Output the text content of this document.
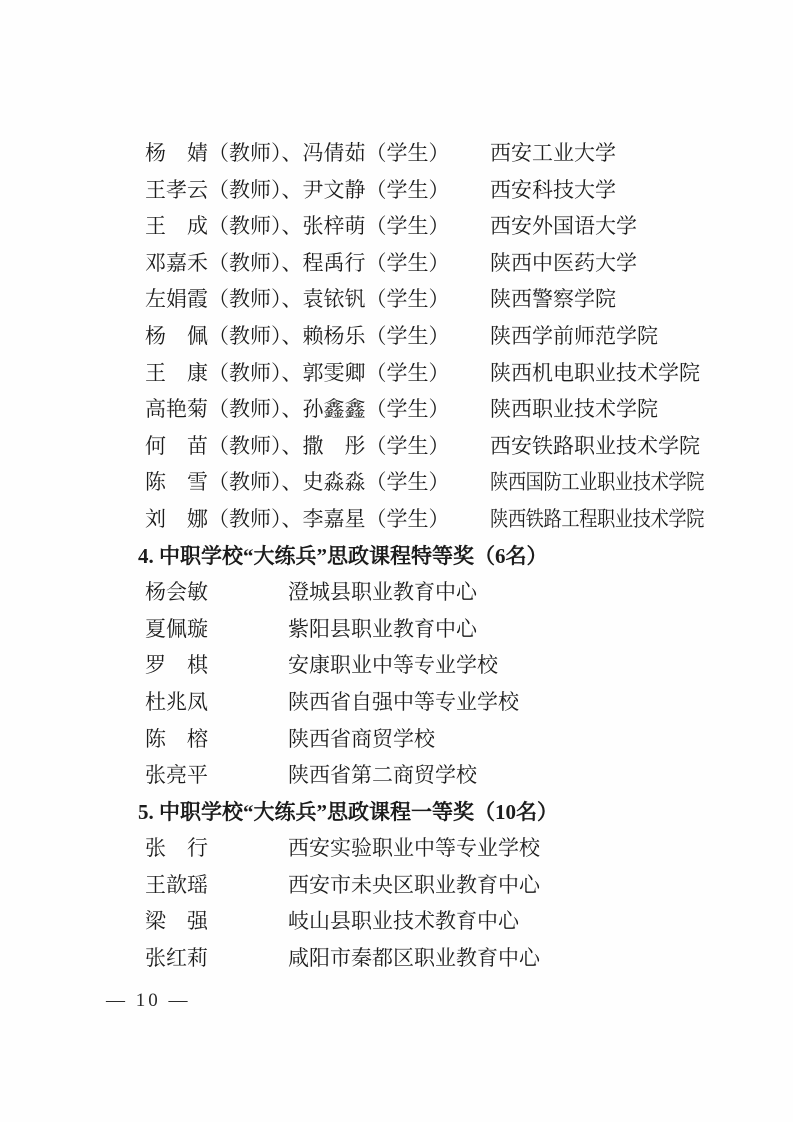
杨　婧（教师）、冯倩茹（学生）	西安工业大学
王孝云（教师）、尹文静（学生）	西安科技大学
王　成（教师）、张梓萌（学生）	西安外国语大学
邓嘉禾（教师）、程禹行（学生）	陕西中医药大学
左娟霞（教师）、袁铱钒（学生）	陕西警察学院
杨　佩（教师）、赖杨乐（学生）	陕西学前师范学院
王　康（教师）、郭雯卿（学生）	陕西机电职业技术学院
高艳菊（教师）、孙鑫鑫（学生）	陕西职业技术学院
何　苗（教师）、撒　彤（学生）	西安铁路职业技术学院
陈　雪（教师）、史淼淼（学生）	陕西国防工业职业技术学院
刘　娜（教师）、李嘉星（学生）	陕西铁路工程职业技术学院
4. 中职学校“大练兵”思政课程特等奖（6名）
杨会敏	澄城县职业教育中心
夏佩璇	紫阳县职业教育中心
罗　棋	安康职业中等专业学校
杜兆凤	陕西省自强中等专业学校
陈　榕	陕西省商贸学校
张亮平	陕西省第二商贸学校
5. 中职学校“大练兵”思政课程一等奖（10名）
张　行	西安实验职业中等专业学校
王歆瑶	西安市未央区职业教育中心
梁　强	岐山县职业技术教育中心
张红莉	咸阳市秦都区职业教育中心
— 10 —
